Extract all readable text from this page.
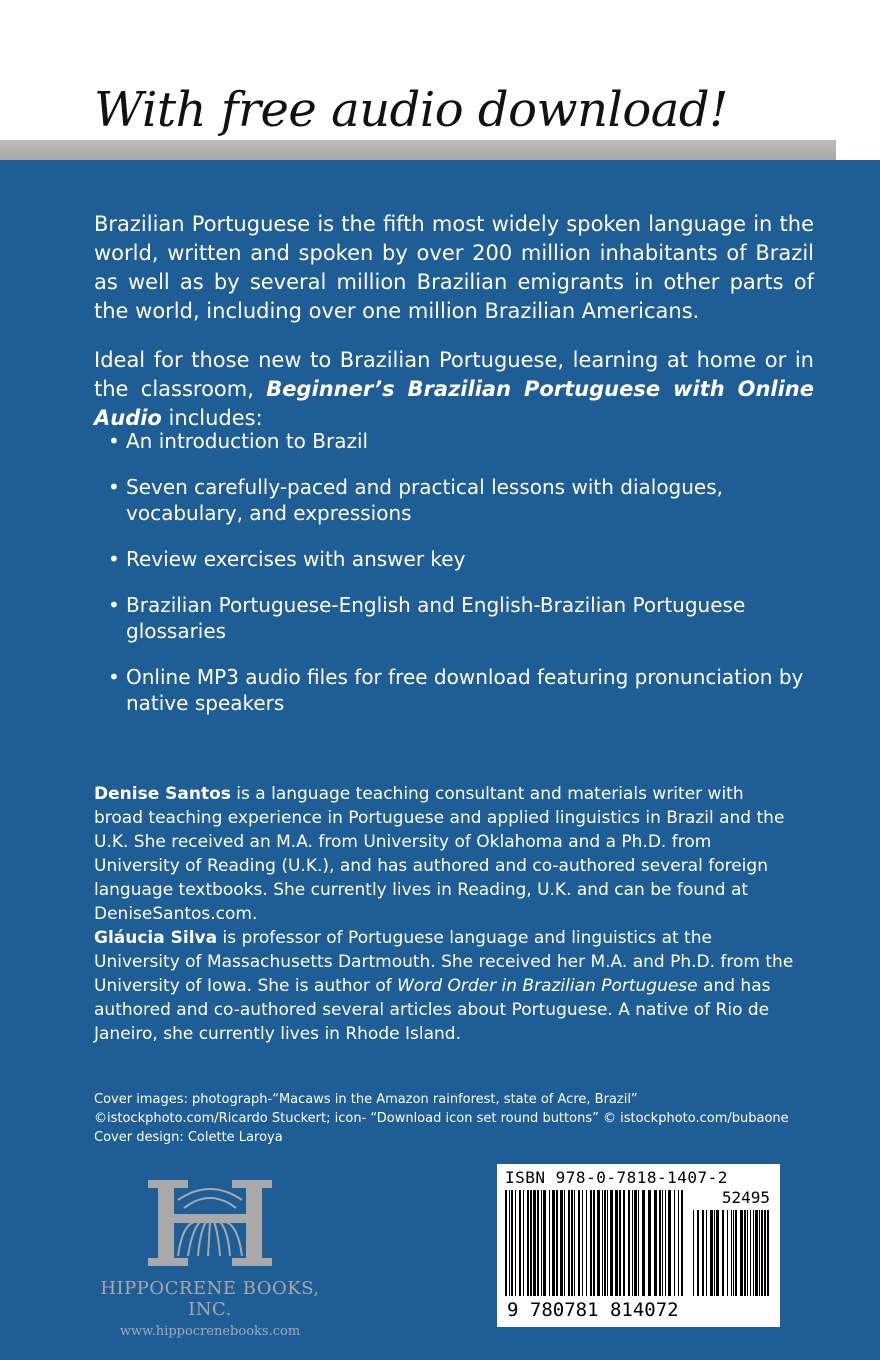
With free audio download!
Brazilian Portuguese is the fifth most widely spoken language in the world, written and spoken by over 200 million inhabitants of Brazil as well as by several million Brazilian emigrants in other parts of the world, including over one million Brazilian Americans.
Ideal for those new to Brazilian Portuguese, learning at home or in the classroom, Beginner’s Brazilian Portuguese with Online Audio includes:
• An introduction to Brazil
• Seven carefully-paced and practical lessons with dialogues, vocabulary, and expressions
• Review exercises with answer key
• Brazilian Portuguese-English and English-Brazilian Portuguese glossaries
• Online MP3 audio files for free download featuring pronunciation by native speakers
Denise Santos is a language teaching consultant and materials writer with broad teaching experience in Portuguese and applied linguistics in Brazil and the U.K. She received an M.A. from University of Oklahoma and a Ph.D. from University of Reading (U.K.), and has authored and co-authored several foreign language textbooks. She currently lives in Reading, U.K. and can be found at DeniseSantos.com.
Gláucia Silva is professor of Portuguese language and linguistics at the University of Massachusetts Dartmouth. She received her M.A. and Ph.D. from the University of Iowa. She is author of Word Order in Brazilian Portuguese and has authored and co-authored several articles about Portuguese. A native of Rio de Janeiro, she currently lives in Rhode Island.
Cover images: photograph-“Macaws in the Amazon rainforest, state of Acre, Brazil”
©istockphoto.com/Ricardo Stuckert; icon- “Download icon set round buttons” © istockphoto.com/bubaone
Cover design: Colette Laroya
HIPPOCRENE BOOKS, INC.
www.hippocrenebooks.com
ISBN 978-0-7818-1407-2
52495
9 780781 814072
